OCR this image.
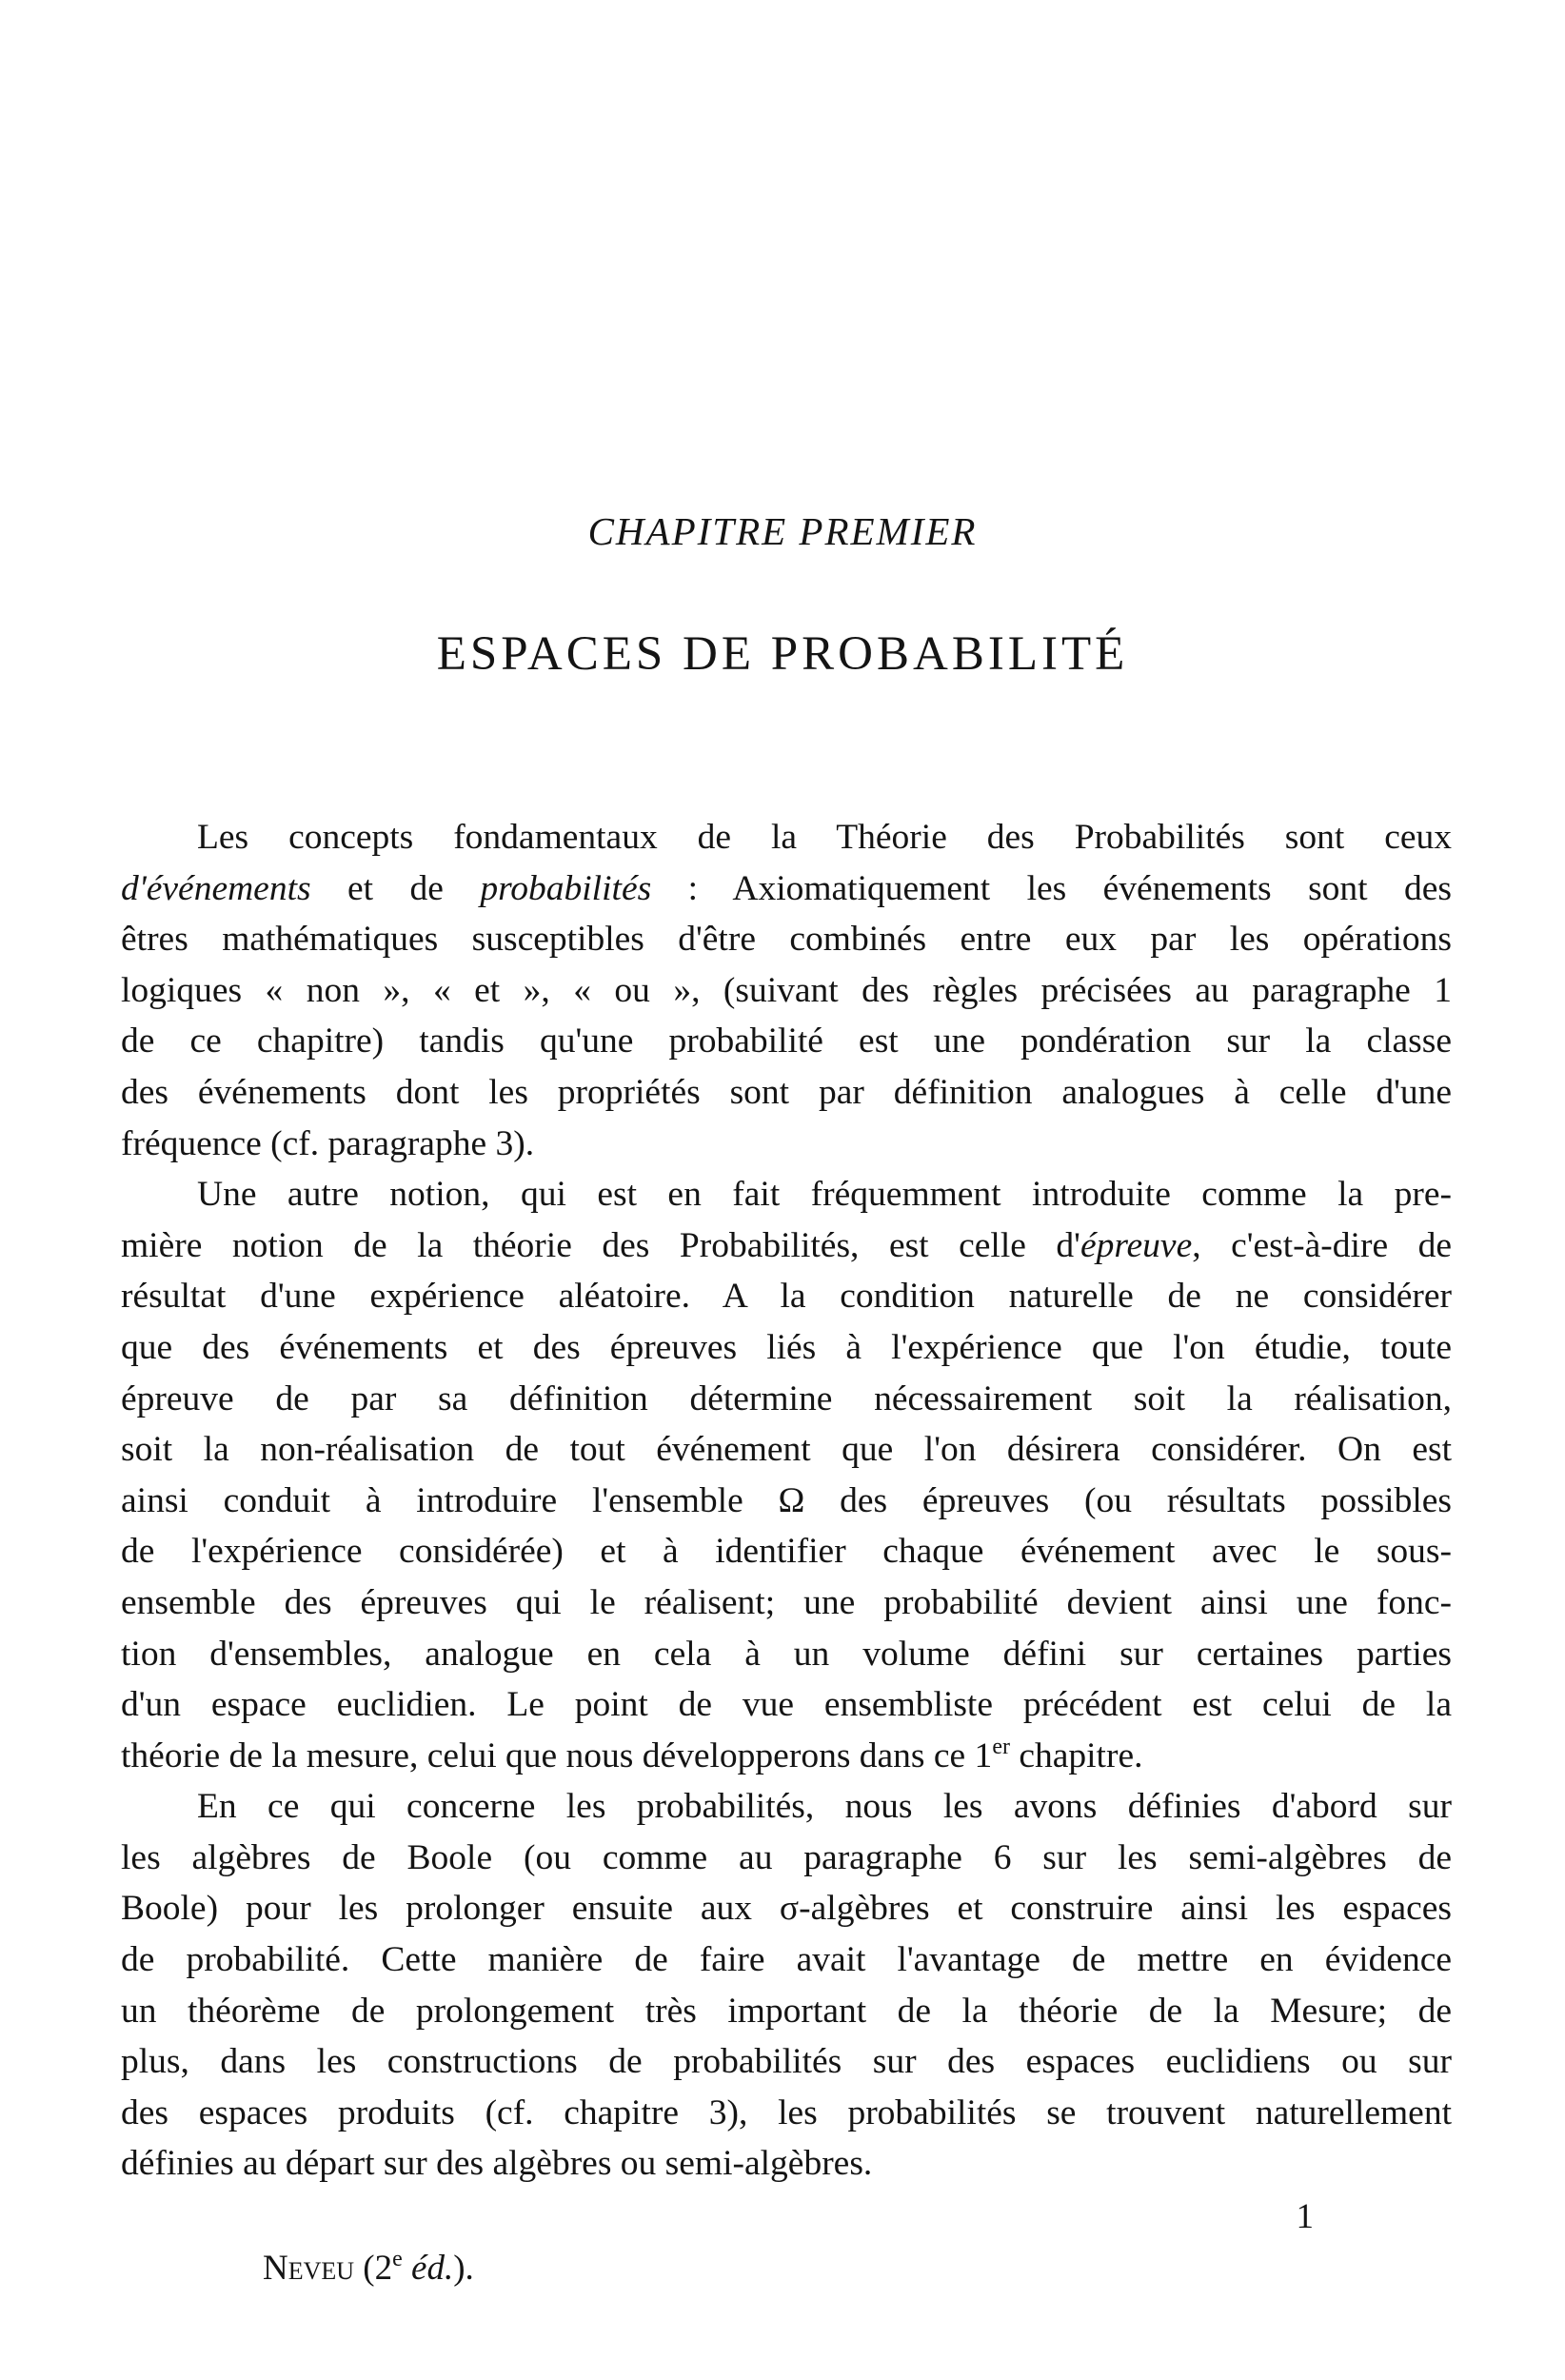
CHAPITRE PREMIER
ESPACES DE PROBABILITÉ
Les concepts fondamentaux de la Théorie des Probabilités sont ceux
d'événements et de probabilités : Axiomatiquement les événements sont des
êtres mathématiques susceptibles d'être combinés entre eux par les opérations
logiques « non », « et », « ou », (suivant des règles précisées au paragraphe 1
de ce chapitre) tandis qu'une probabilité est une pondération sur la classe
des événements dont les propriétés sont par définition analogues à celle d'une
fréquence (cf. paragraphe 3).
Une autre notion, qui est en fait fréquemment introduite comme la pre-
mière notion de la théorie des Probabilités, est celle d'épreuve, c'est-à-dire de
résultat d'une expérience aléatoire. A la condition naturelle de ne considérer
que des événements et des épreuves liés à l'expérience que l'on étudie, toute
épreuve de par sa définition détermine nécessairement soit la réalisation,
soit la non-réalisation de tout événement que l'on désirera considérer. On est
ainsi conduit à introduire l'ensemble Ω des épreuves (ou résultats possibles
de l'expérience considérée) et à identifier chaque événement avec le sous-
ensemble des épreuves qui le réalisent; une probabilité devient ainsi une fonc-
tion d'ensembles, analogue en cela à un volume défini sur certaines parties
d'un espace euclidien. Le point de vue ensembliste précédent est celui de la
théorie de la mesure, celui que nous développerons dans ce 1er chapitre.
En ce qui concerne les probabilités, nous les avons définies d'abord sur
les algèbres de Boole (ou comme au paragraphe 6 sur les semi-algèbres de
Boole) pour les prolonger ensuite aux σ-algèbres et construire ainsi les espaces
de probabilité. Cette manière de faire avait l'avantage de mettre en évidence
un théorème de prolongement très important de la théorie de la Mesure; de
plus, dans les constructions de probabilités sur des espaces euclidiens ou sur
des espaces produits (cf. chapitre 3), les probabilités se trouvent naturellement
définies au départ sur des algèbres ou semi-algèbres.
1
Neveu (2e éd.).
